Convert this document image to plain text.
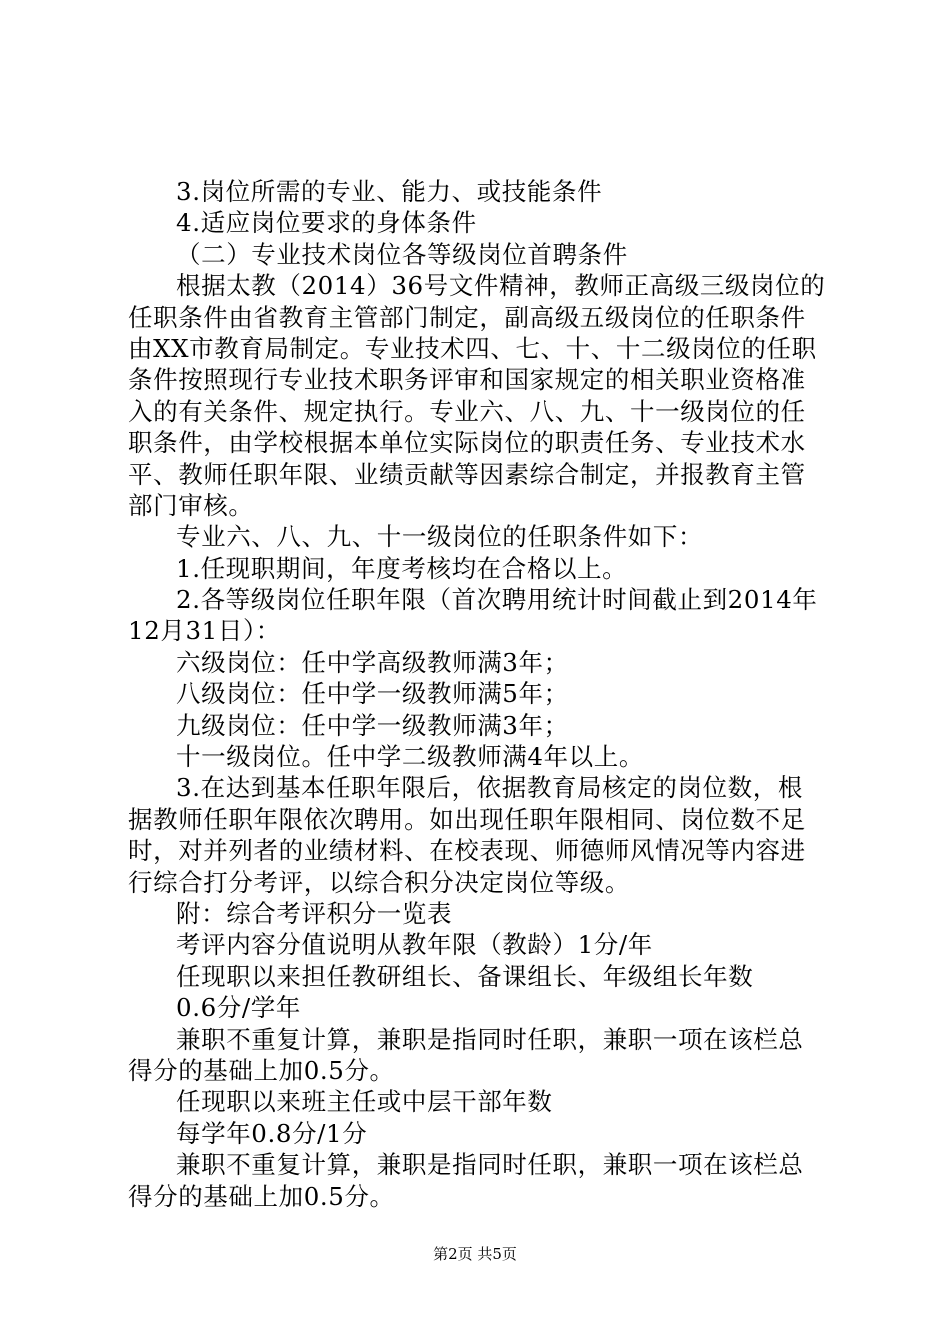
3.岗位所需的专业、能力、或技能条件
4.适应岗位要求的身体条件
（二）专业技术岗位各等级岗位首聘条件
根据太教（2014）36号文件精神，教师正高级三级岗位的
任职条件由省教育主管部门制定，副高级五级岗位的任职条件
由XX市教育局制定。专业技术四、七、十、十二级岗位的任职
条件按照现行专业技术职务评审和国家规定的相关职业资格准
入的有关条件、规定执行。专业六、八、九、十一级岗位的任
职条件，由学校根据本单位实际岗位的职责任务、专业技术水
平、教师任职年限、业绩贡献等因素综合制定，并报教育主管
部门审核。
专业六、八、九、十一级岗位的任职条件如下：
1.任现职期间，年度考核均在合格以上。
2.各等级岗位任职年限（首次聘用统计时间截止到2014年
12月31日）：
六级岗位：任中学高级教师满3年；
八级岗位：任中学一级教师满5年；
九级岗位：任中学一级教师满3年；
十一级岗位。任中学二级教师满4年以上。
3.在达到基本任职年限后，依据教育局核定的岗位数，根
据教师任职年限依次聘用。如出现任职年限相同、岗位数不足
时，对并列者的业绩材料、在校表现、师德师风情况等内容进
行综合打分考评，以综合积分决定岗位等级。
附：综合考评积分一览表
考评内容分值说明从教年限（教龄）1分/年
任现职以来担任教研组长、备课组长、年级组长年数
0.6分/学年
兼职不重复计算，兼职是指同时任职，兼职一项在该栏总
得分的基础上加0.5分。
任现职以来班主任或中层干部年数
每学年0.8分/1分
兼职不重复计算，兼职是指同时任职，兼职一项在该栏总
得分的基础上加0.5分。
第2页 共5页
